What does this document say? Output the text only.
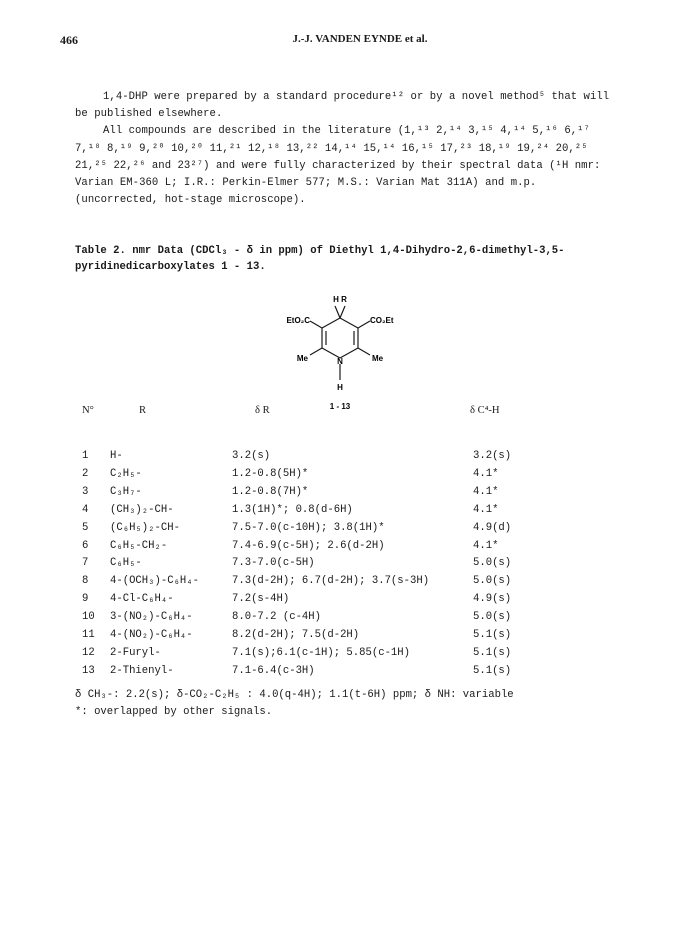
466	J.-J. VANDEN EYNDE et al.

1,4-DHP were prepared by a standard procedure¹² or by a novel method⁵ that will be published elsewhere.

All compounds are described in the literature (1,¹³ 2,¹⁴ 3,¹⁵ 4,¹⁴ 5,¹⁶ 6,¹⁷ 7,¹⁸ 8,¹⁹ 9,²⁰ 10,²⁰ 11,²¹ 12,¹⁸ 13,²² 14,¹⁴ 15,¹⁴ 16,¹⁵ 17,²³ 18,¹⁹ 19,²⁴ 20,²⁵ 21,²⁵ 22,²⁶ and 23²⁷) and were fully characterized by their spectral data (¹H nmr: Varian EM-360 L; I.R.: Perkin-Elmer 577; M.S.: Varian Mat 311A) and m.p. (uncorrected, hot-stage microscope).

Table 2. nmr Data (CDCl₃ - δ in ppm) of Diethyl 1,4-Dihydro-2,6-dimethyl-3,5-pyridinedicarboxylates 1 - 13.
H R
EtO₂C	CO₂Et
Me	N	Me
H
1 - 13
N°	R	δ R	δ C⁴-H
1 H-	3.2(s)	3.2(s)
2 C₂H₅-	1.2-0.8(5H)*	4.1*
3 C₃H₇-	1.2-0.8(7H)*	4.1*
4 (CH₃)₂-CH-	1.3(1H)*; 0.8(d-6H)	4.1*
5 (C₆H₅)₂-CH-	7.5-7.0(c-10H); 3.8(1H)*	4.9(d)
6 C₆H₅-CH₂-	7.4-6.9(c-5H); 2.6(d-2H)	4.1*
7 C₆H₅-	7.3-7.0(c-5H)	5.0(s)
8 4-(OCH₃)-C₆H₄-	7.3(d-2H); 6.7(d-2H); 3.7(s-3H)	5.0(s)
9 4-Cl-C₆H₄-	7.2(s-4H)	4.9(s)
10 3-(NO₂)-C₆H₄-	8.0-7.2 (c-4H)	5.0(s)
11 4-(NO₂)-C₆H₄-	8.2(d-2H); 7.5(d-2H)	5.1(s)
12 2-Furyl-	7.1(s);6.1(c-1H); 5.85(c-1H)	5.1(s)
13 2-Thienyl-	7.1-6.4(c-3H)	5.1(s)

δ CH₃-: 2.2(s); δ-CO₂-C₂H₅ : 4.0(q-4H); 1.1(t-6H) ppm; δ NH: variable

*: overlapped by other signals.
